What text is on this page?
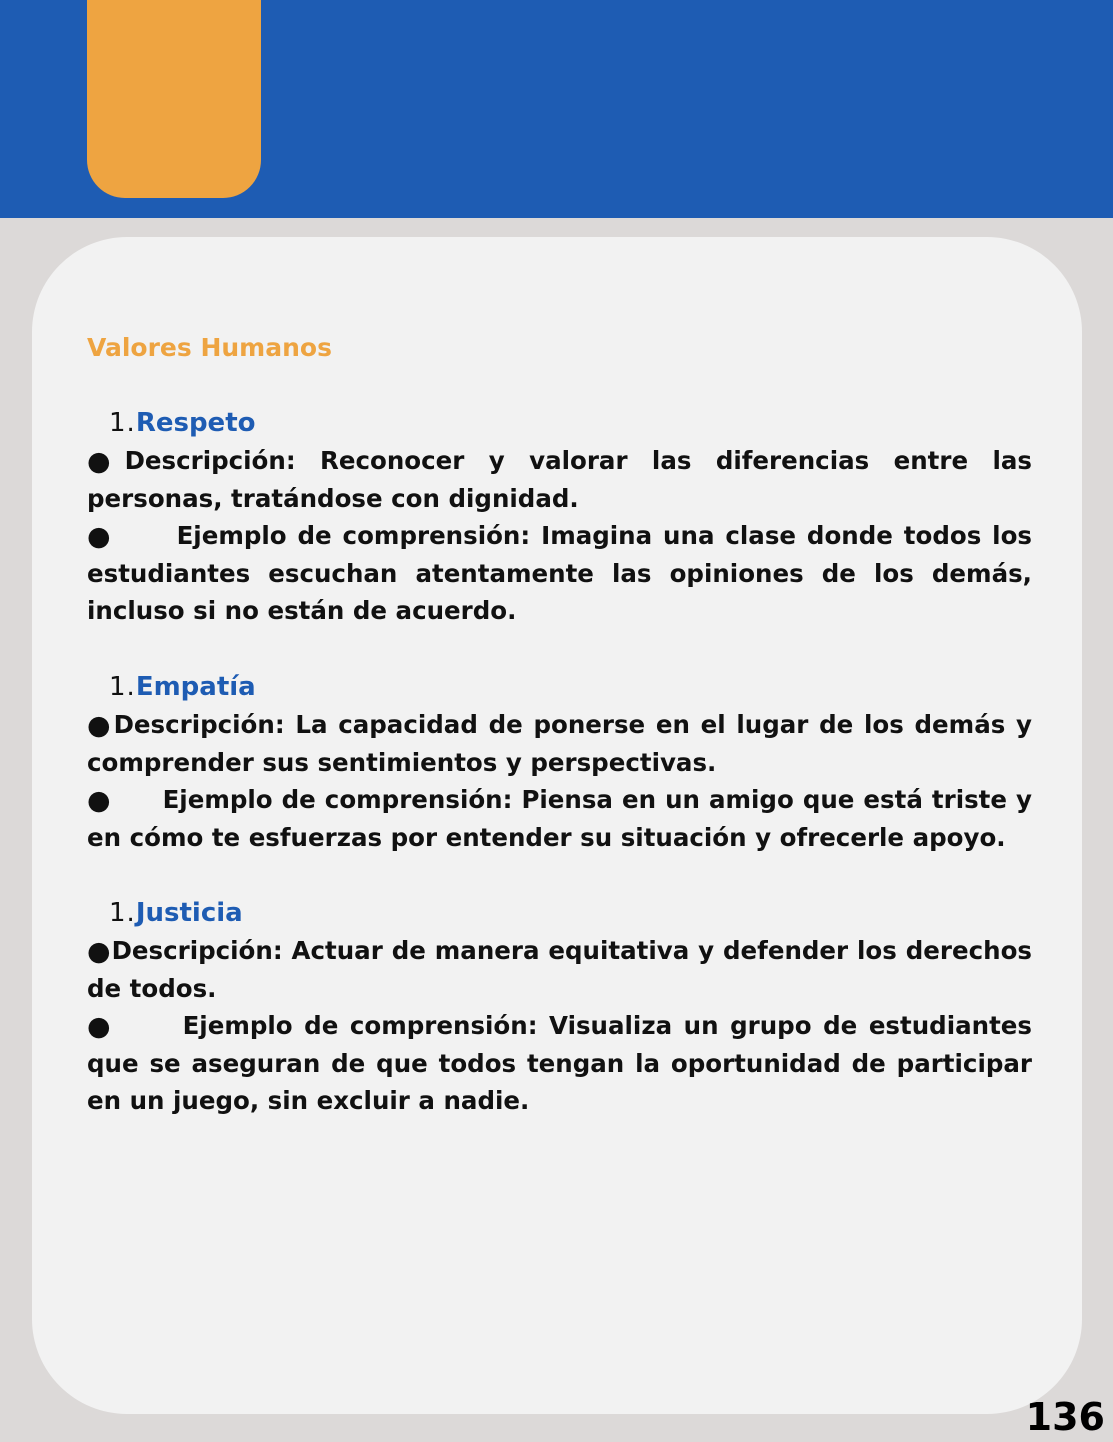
Valores Humanos
1.Respeto

● Descripción: Reconocer y valorar las diferencias entre las personas, tratándose con dignidad.

●	Ejemplo de comprensión: Imagina una clase donde todos los estudiantes escuchan atentamente las opiniones de los demás, incluso si no están de acuerdo.

1.Empatía

● Descripción: La capacidad de ponerse en el lugar de los demás y comprender sus sentimientos y perspectivas.

● Ejemplo de comprensión: Piensa en un amigo que está triste y en cómo te esfuerzas por entender su situación y ofrecerle apoyo.

1.Justicia

●Descripción: Actuar de manera equitativa y defender los derechos de todos.

●	Ejemplo de comprensión: Visualiza un grupo de estudiantes que se aseguran de que todos tengan la oportunidad de participar en un juego, sin excluir a nadie.

136
